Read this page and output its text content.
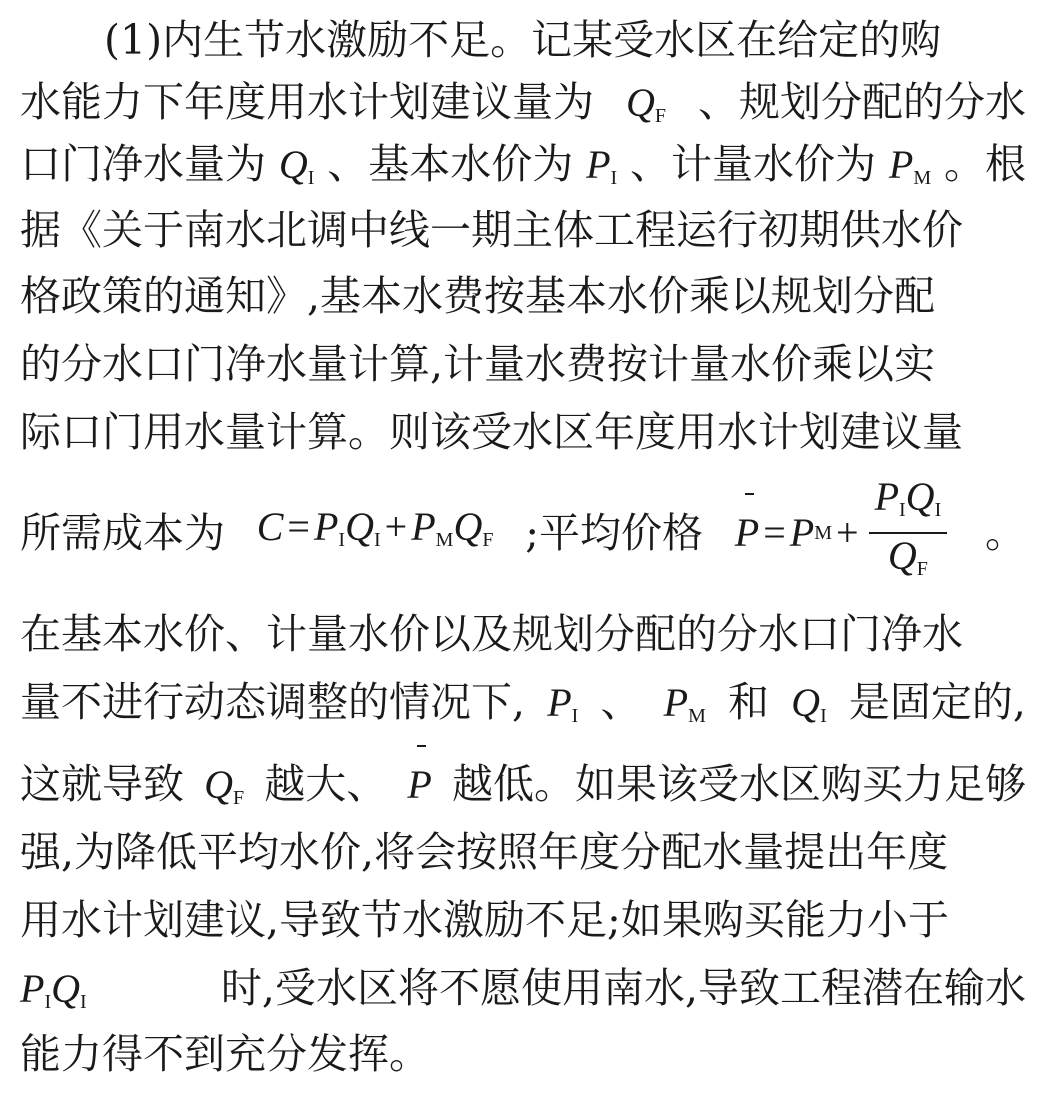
(1)内生节水激励不足。记某受水区在给定的购
水能力下年度用水计划建议量为 $Q_F$ 、规划分配的分水
口门净水量为 $Q_I$ 、基本水价为 $P_I$ 、计量水价为 $P_M$ 。根
据《关于南水北调中线一期主体工程运行初期供水价
格政策的通知》,基本水费按基本水价乘以规划分配
的分水口门净水量计算,计量水费按计量水价乘以实
际口门用水量计算。则该受水区年度用水计划建议量
所需成本为 $C = P_IQ_I + P_MQ_F$ ;平均价格 P = P $M + \frac{P_IQ_I}{Q_F}$ 。
在基本水价、计量水价以及规划分配的分水口门净水
量不进行动态调整的情况下, $P_I$ 、 $P_M$ 和 $Q_I$ 是固定的,
这就导致 $Q_F$ 越大、 P 越低。如果该受水区购买力足够
强,为降低平均水价,将会按照年度分配水量提出年度
用水计划建议,导致节水激励不足;如果购买能力小于
$P_IQ_I$	时,受水区将不愿使用南水,导致工程潜在输水
能力得不到充分发挥。
